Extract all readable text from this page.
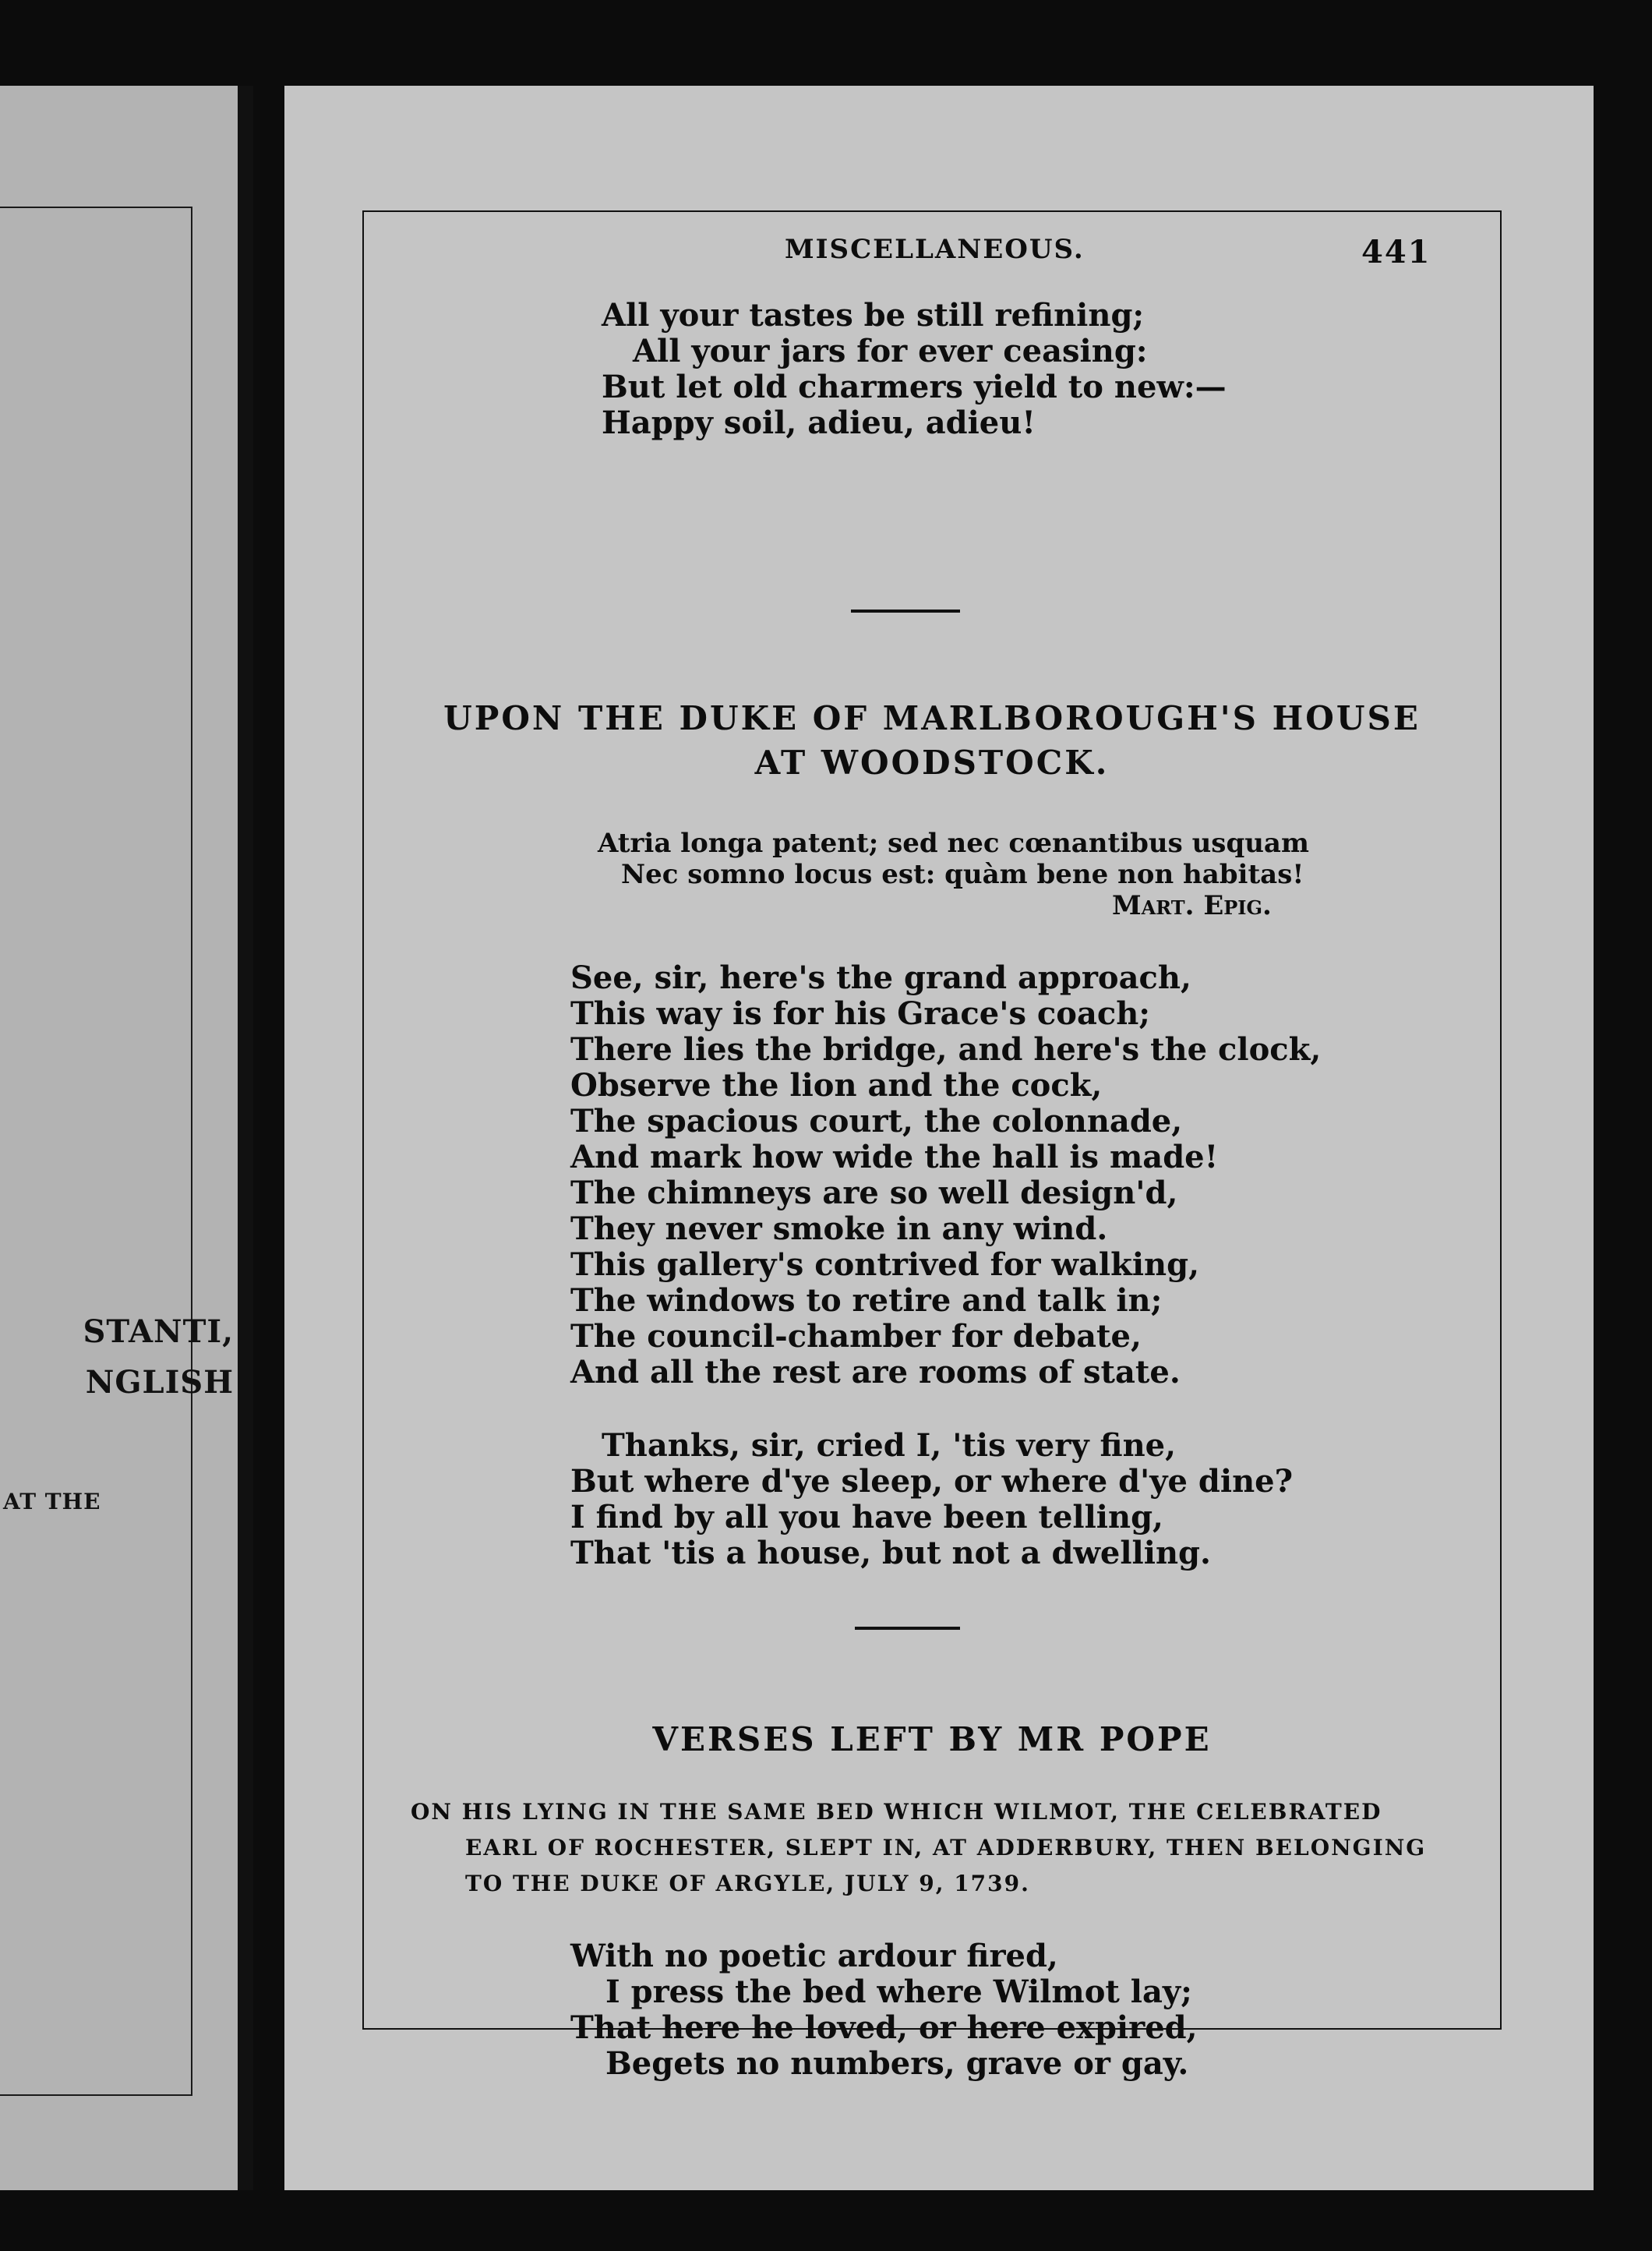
STANTI,
NGLISH
AT THE
MISCELLANEOUS.	441
All your tastes be still refining;
All your jars for ever ceasing:
But let old charmers yield to new:—
Happy soil, adieu, adieu!
UPON THE DUKE OF MARLBOROUGH'S HOUSE
AT WOODSTOCK.
Atria longa patent; sed nec cœnantibus usquam
Nec somno locus est: quàm bene non habitas!
Mart. Epig.
See, sir, here's the grand approach,
This way is for his Grace's coach;
There lies the bridge, and here's the clock,
Observe the lion and the cock,
The spacious court, the colonnade,
And mark how wide the hall is made!
The chimneys are so well design'd,
They never smoke in any wind.
This gallery's contrived for walking,
The windows to retire and talk in;
The council-chamber for debate,
And all the rest are rooms of state.
Thanks, sir, cried I, 'tis very fine,
But where d'ye sleep, or where d'ye dine?
I find by all you have been telling,
That 'tis a house, but not a dwelling.
VERSES LEFT BY MR POPE
ON HIS LYING IN THE SAME BED WHICH WILMOT, THE CELEBRATED
EARL OF ROCHESTER, SLEPT IN, AT ADDERBURY, THEN BELONGING
TO THE DUKE OF ARGYLE, JULY 9, 1739.
With no poetic ardour fired,
I press the bed where Wilmot lay;
That here he loved, or here expired,
Begets no numbers, grave or gay.
